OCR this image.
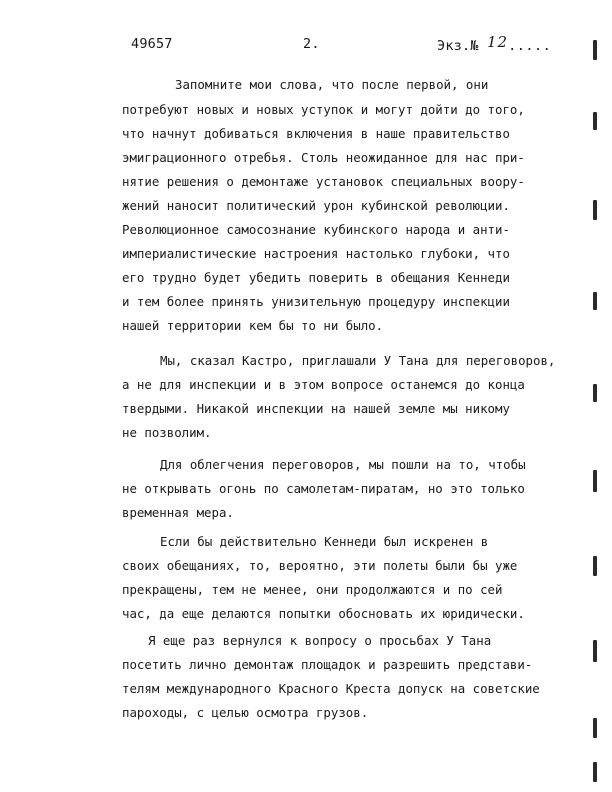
49657	2.	Экз.№ 12.....

Запомните мои слова, что после первой, они

потребуют новых и новых уступок и могут дойти до того,

что начнут добиваться включения в наше правительство

эмиграционного отребья. Столь неожиданное для нас при-

нятие решения о демонтаже установок специальных воору-

жений наносит политический урон кубинской революции.

Революционное самосознание кубинского народа и анти-

империалистические настроения настолько глубоки, что

его трудно будет убедить поверить в обещания Кеннеди

и тем более принять унизительную процедуру инспекции

нашей территории кем бы то ни было.

Мы, сказал Кастро, приглашали У Тана для переговоров,

а не для инспекции и в этом вопросе останемся до конца

твердыми. Никакой инспекции на нашей земле мы никому

не позволим.

Для облегчения переговоров, мы пошли на то, чтобы

не открывать огонь по самолетам-пиратам, но это только

временная мера.

Если бы действительно Кеннеди был искренен в

своих обещаниях, то, вероятно, эти полеты были бы уже

прекращены, тем не менее, они продолжаются и по сей

час, да еще делаются попытки обосновать их юридически.

Я еще раз вернулся к вопросу о просьбах У Тана

посетить лично демонтаж площадок и разрешить представи-

телям международного Красного Креста допуск на советские

пароходы, с целью осмотра грузов.
